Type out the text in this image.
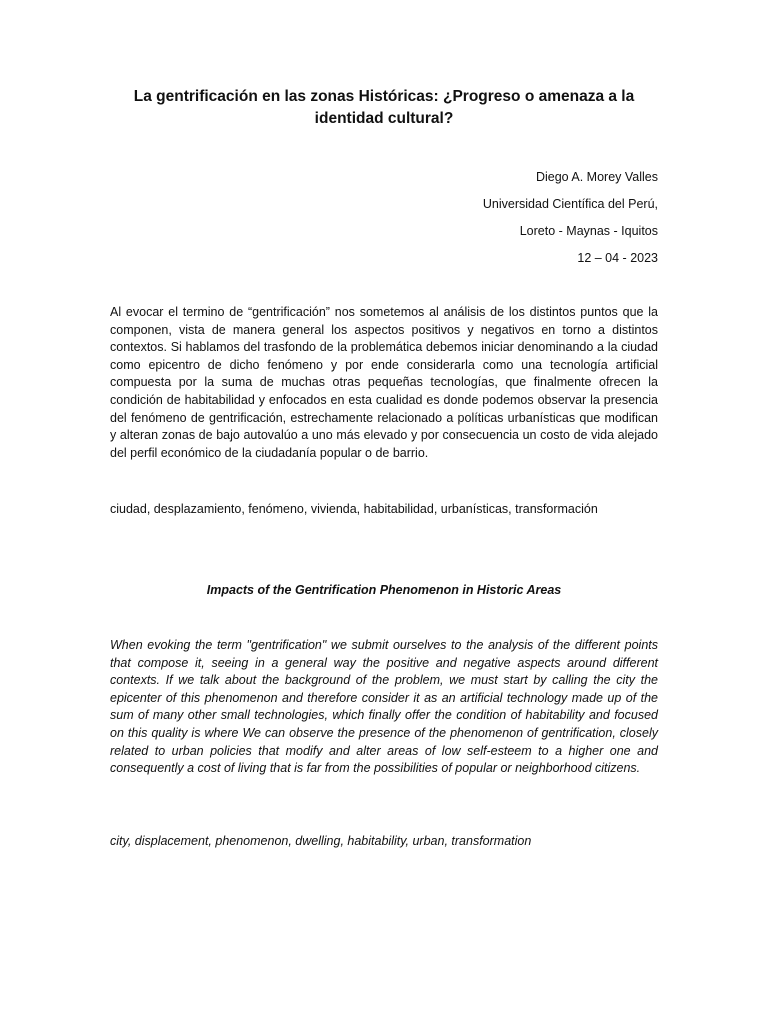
La gentrificación en las zonas Históricas: ¿Progreso o amenaza a la identidad cultural?
Diego A. Morey Valles
Universidad Científica del Perú,
Loreto - Maynas - Iquitos
12 – 04 - 2023

Al evocar el termino de “gentrificación” nos sometemos al análisis de los distintos puntos que la componen, vista de manera general los aspectos positivos y negativos en torno a distintos contextos. Si hablamos del trasfondo de la problemática debemos iniciar denominando a la ciudad como epicentro de dicho fenómeno y por ende considerarla como una tecnología artificial compuesta por la suma de muchas otras pequeñas tecnologías, que finalmente ofrecen la condición de habitabilidad y enfocados en esta cualidad es donde podemos observar la presencia del fenómeno de gentrificación, estrechamente relacionado a políticas urbanísticas que modifican y alteran zonas de bajo autovalúo a uno más elevado y por consecuencia un costo de vida alejado del perfil económico de la ciudadanía popular o de barrio.

ciudad, desplazamiento, fenómeno, vivienda, habitabilidad, urbanísticas, transformación

Impacts of the Gentrification Phenomenon in Historic Areas

When evoking the term "gentrification" we submit ourselves to the analysis of the different points that compose it, seeing in a general way the positive and negative aspects around different contexts. If we talk about the background of the problem, we must start by calling the city the epicenter of this phenomenon and therefore consider it as an artificial technology made up of the sum of many other small technologies, which finally offer the condition of habitability and focused on this quality is where We can observe the presence of the phenomenon of gentrification, closely related to urban policies that modify and alter areas of low self-esteem to a higher one and consequently a cost of living that is far from the possibilities of popular or neighborhood citizens.

city, displacement, phenomenon, dwelling, habitability, urban, transformation
